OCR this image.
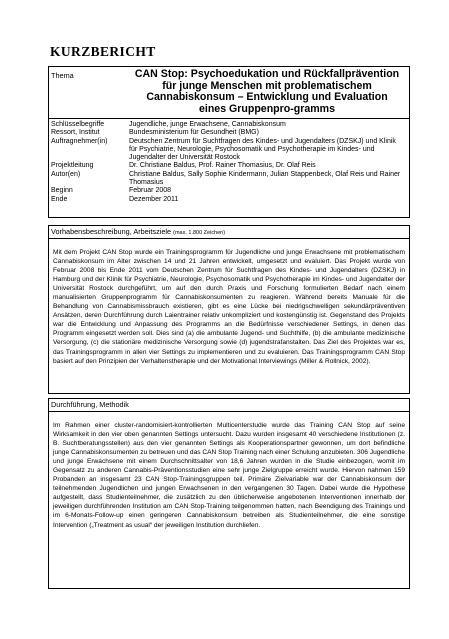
KURZBERICHT
Thema	CAN Stop: Psychoedukation und Rückfallprävention für junge Menschen mit problematischem Cannabiskonsum – Entwicklung und Evaluation eines Gruppenpro-gramms
Schlüsselbegriffe	Jugendliche, junge Erwachsene, Cannabiskonsum
Ressort, Institut	Bundesministerium für Gesundheit (BMG)
Auftragnehmer(in)	Deutschen Zentrum für Suchtfragen des Kindes- und Jugendalters (DZSKJ) und Klinik für Psychiatrie, Neurologie, Psychosomatik und Psychotherapie im Kindes- und Jugendalter der Universität Rostock
Projektleitung	Dr. Christiane Baldus, Prof. Rainer Thomasius, Dr. Olaf Reis
Autor(en)	Christiane Baldus, Sally Sophie Kindermann, Julian Stappenbeck, Olaf Reis und Rainer Thomasius
Beginn	Februar 2008
Ende	Dezember 2011
Vorhabensbeschreibung, Arbeitsziele (max. 1.800 Zeichen)
Mit dem Projekt CAN Stop wurde ein Trainingsprogramm für Jugendliche und junge Erwachsene mit problematischem Cannabiskonsum im Alter zwischen 14 und 21 Jahren entwickelt, umgesetzt und evaluiert. Das Projekt wurde von Februar 2008 bis Ende 2011 vom Deutschen Zentrum für Suchtfragen des Kindes- und Jugendalters (DZSKJ) in Hamburg und der Klinik für Psychiatrie, Neurologie, Psychosomatik und Psychotherapie im Kindes- und Jugendalter der Universität Rostock durchgeführt, um auf den durch Praxis und Forschung formulierten Bedarf nach einem manualisierten Gruppenprogramm für Cannabiskonsumenten zu reagieren. Während bereits Manuale für die Behandlung von Cannabismissbrauch existieren, gibt es eine Lücke bei niedrigschwelligen sekundärpräventiven Ansätzen, deren Durchführung durch Laientrainer relativ unkompliziert und kostengünstig ist. Gegenstand des Projekts war die Entwicklung und Anpassung des Programms an die Bedürfnisse verschiedener Settings, in denen das Programm eingesetzt werden soll. Dies sind (a) die ambulante Jugend- und Suchthilfe, (b) die ambulante medizinische Versorgung, (c) die stationäre medizinische Versorgung sowie (d) jugendstrafanstalten. Das Ziel des Projektes war es, das Trainingsprogramm in allen vier Settings zu implementieren und zu evaluieren. Das Trainingsprogramm CAN Stop basiert auf den Prinzipien der Verhaltenstherapie und der Motivational Interviewings (Miller & Rollnick, 2002).
Durchführung, Methodik
Im Rahmen einer cluster-randomisiert-kontrollierten Multicenterstudie wurde das Training CAN Stop auf seine Wirksamkeit in den vier oben genannten Settings untersucht. Dazu wurden insgesamt 40 verschiedene Institutionen (z. B. Suchtberatungsstellen) aus den vier genannten Settings als Kooperationspartner gewonnen, um dort befindliche junge Cannabiskonsumenten zu betreuen und das CAN Stop Training nach einer Schulung anzubieten. 306 Jugendliche und junge Erwachsene mit einem Durchschnittsalter von 18,6 Jahren wurden in die Studie einbezogen, womit im Gegensatz zu anderen Cannabis-Präventionsstudien eine sehr junge Zielgruppe erreicht wurde. Hiervon nahmen 159 Probanden an insgesamt 23 CAN Stop-Trainingsgruppen teil. Primäre Zielvariable war der Cannabiskonsum der teilnehmenden Jugendlichen und jungen Erwachsenen in den vergangenen 30 Tagen. Dabei wurde die Hypothese aufgestellt, dass Studienteilnehmer, die zusätzlich zu den üblicherweise angebotenen Interventionen innerhalb der jeweiligen durchführenden Institution am CAN Stop-Training teilgenommen hatten, nach Beendigung des Trainings und im 6-Monats-Follow-up einen geringeren Cannabiskonsum betreiben als Studienteilnehmer, die eine sonstige Intervention („Treatment as usual“ der jeweiligen Institution durchliefen.
